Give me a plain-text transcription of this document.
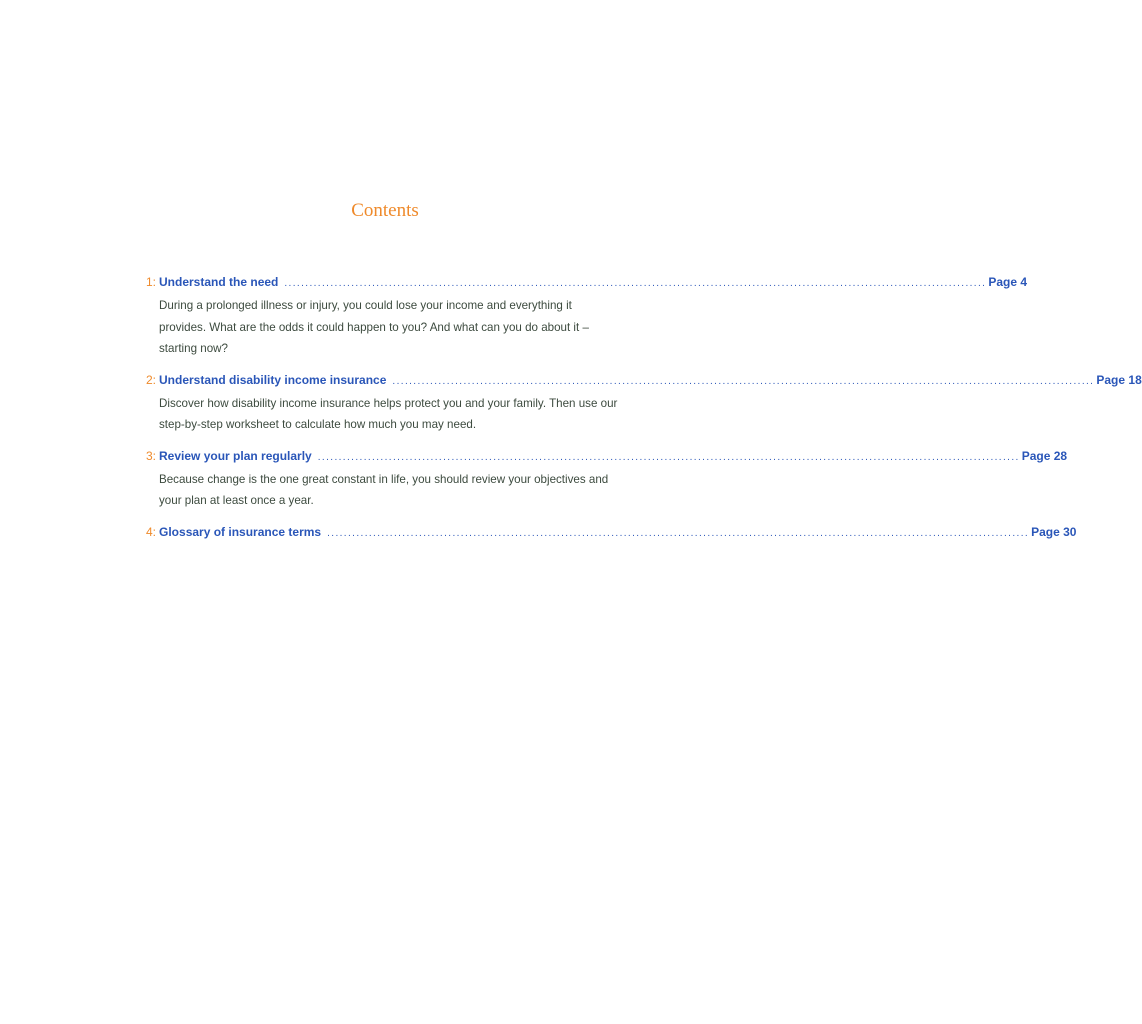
Contents
1: Understand the need ........................................................................................................................................................................ Page 4

During a prolonged illness or injury, you could lose your income and everything it provides. What are the odds it could happen to you? And what can you do about it – starting now?

2: Understand disability income insurance ........................................................................................................................................................................ Page 18

Discover how disability income insurance helps protect you and your family. Then use our step-by-step worksheet to calculate how much you may need.

3: Review your plan regularly ........................................................................................................................................................................ Page 28

Because change is the one great constant in life, you should review your objectives and your plan at least once a year.

4: Glossary of insurance terms ........................................................................................................................................................................ Page 30
